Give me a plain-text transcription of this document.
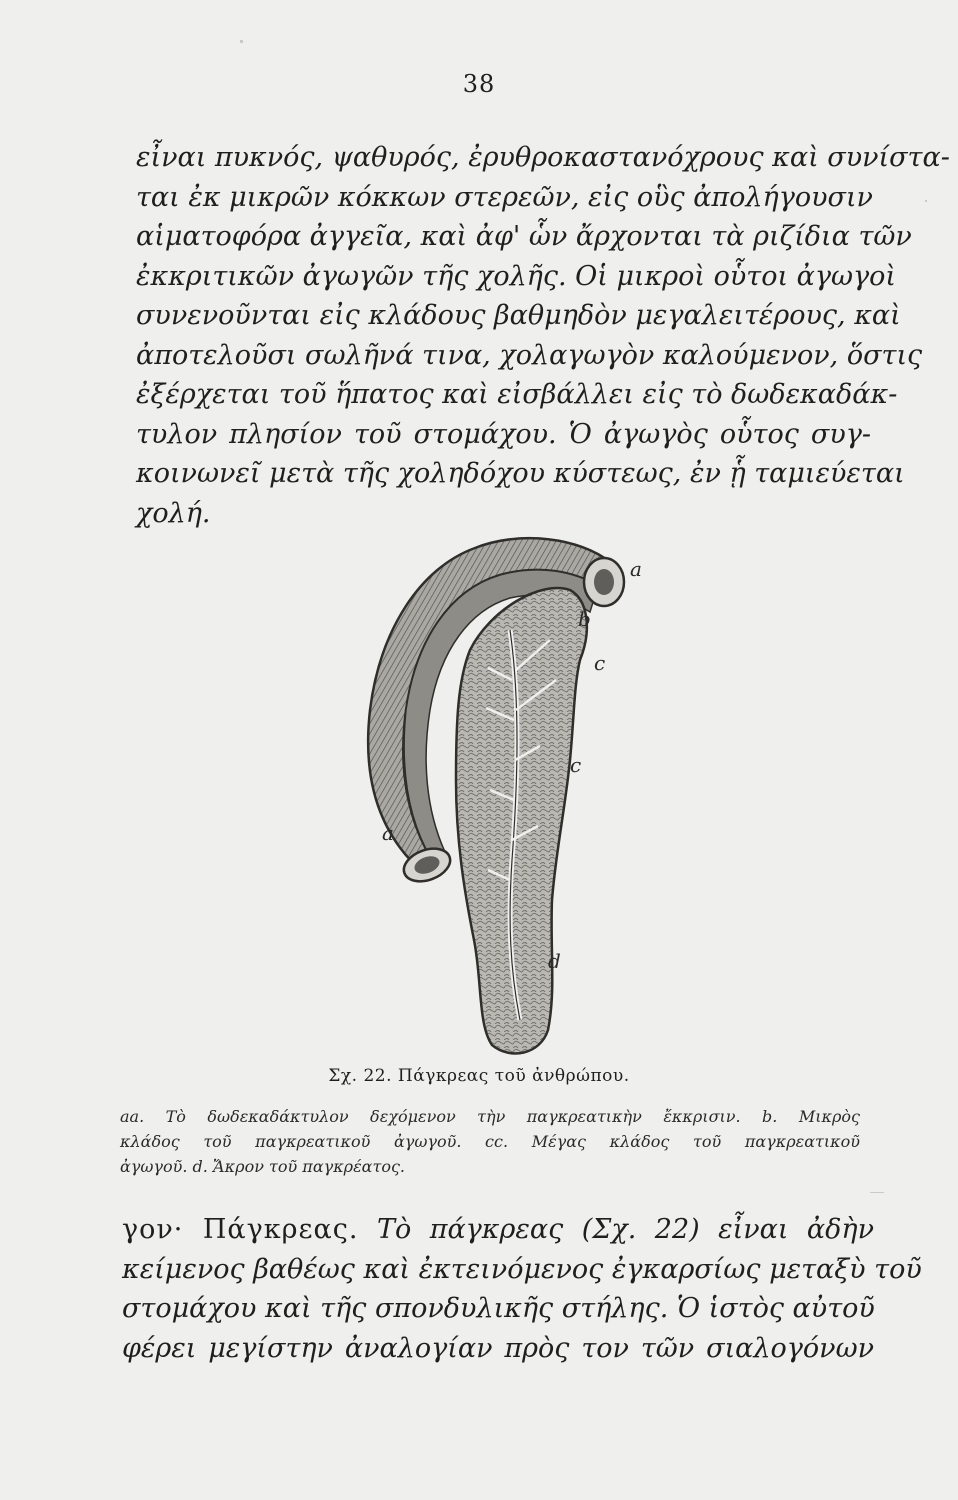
38

εἶναι πυκνός, ψαθυρός, ἐρυθροκαστανόχρους καὶ συνίστα-
ται ἐκ μικρῶν κόκκων στερεῶν, εἰς οὓς ἀπολήγουσιν
αἱματοφόρα ἀγγεῖα, καὶ ἀφ' ὧν ἄρχονται τὰ ριζίδια τῶν
ἐκκριτικῶν ἀγωγῶν τῆς χολῆς. Οἱ μικροὶ οὗτοι ἀγωγοὶ
συνενοῦνται εἰς κλάδους βαθμηδὸν μεγαλειτέρους, καὶ
ἀποτελοῦσι σωλῆνά τινα, χολαγωγὸν καλούμενον, ὅστις
ἐξέρχεται τοῦ ἥπατος καὶ εἰσβάλλει εἰς τὸ δωδεκαδάκ-
τυλον πλησίον τοῦ στομάχου. Ὁ ἀγωγὸς οὗτος συγ-
κοινωνεῖ μετὰ τῆς χοληδόχου κύστεως, ἐν ᾗ ταμιεύεται
χολή.

a
b
c
c
a
d
Σχ. 22. Πάγκρεας τοῦ ἀνθρώπου.
aa. Τὸ δωδεκαδάκτυλον δεχόμενον τὴν παγκρεατικὴν ἔκκρισιν. b. Μικρὸς
κλάδος τοῦ παγκρεατικοῦ ἀγωγοῦ. cc. Μέγας κλάδος τοῦ παγκρεατικοῦ
ἀγωγοῦ. d. Ἄκρον τοῦ παγκρέατος.

γον· Πάγκρεας. Τὸ πάγκρεας (Σχ. 22) εἶναι ἀδὴν
κείμενος βαθέως καὶ ἐκτεινόμενος ἐγκαρσίως μεταξὺ τοῦ
στομάχου καὶ τῆς σπονδυλικῆς στήλης. Ὁ ἱστὸς αὐτοῦ
φέρει μεγίστην ἀναλογίαν πρὸς τον τῶν σιαλογόνων
